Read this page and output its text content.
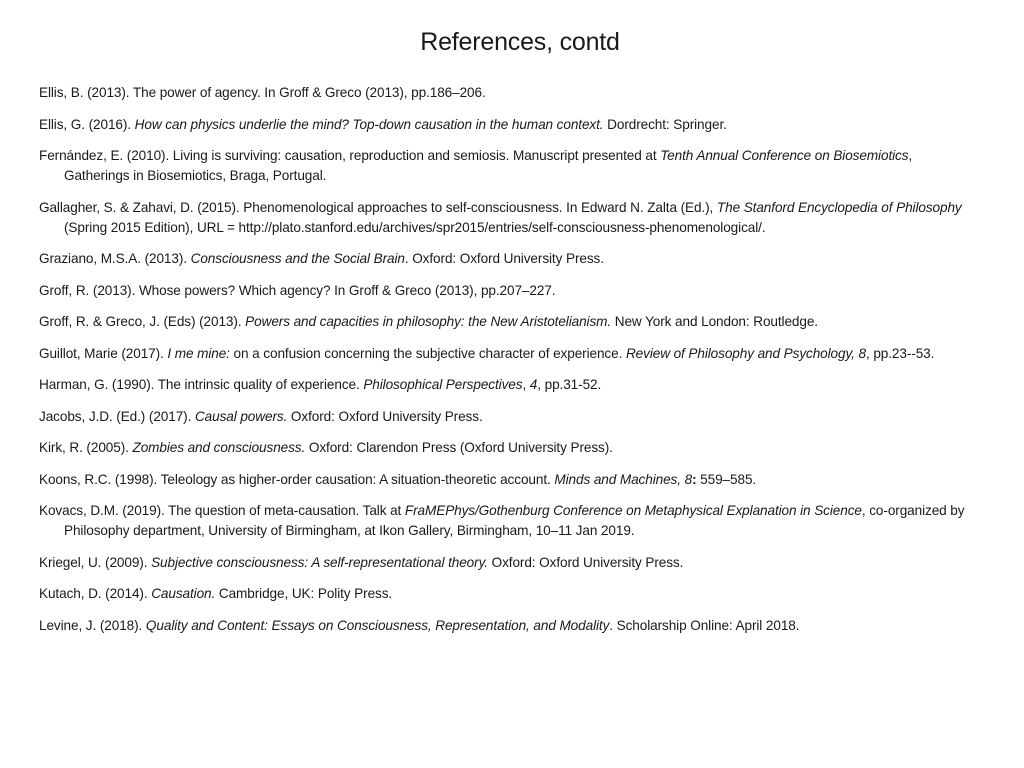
References, contd
Ellis, B. (2013). The power of agency. In Groff & Greco (2013), pp.186–206.
Ellis, G. (2016). How can physics underlie the mind? Top-down causation in the human context. Dordrecht: Springer.
Fernández, E. (2010). Living is surviving: causation, reproduction and semiosis. Manuscript presented at Tenth Annual Conference on Biosemiotics, Gatherings in Biosemiotics, Braga, Portugal.
Gallagher, S. & Zahavi, D. (2015). Phenomenological approaches to self-consciousness. In Edward N. Zalta (Ed.), The Stanford Encyclopedia of Philosophy (Spring 2015 Edition), URL = http://plato.stanford.edu/archives/spr2015/entries/self-consciousness-phenomenological/.
Graziano, M.S.A. (2013). Consciousness and the Social Brain. Oxford: Oxford University Press.
Groff, R. (2013). Whose powers? Which agency? In Groff & Greco (2013), pp.207–227.
Groff, R. & Greco, J. (Eds) (2013). Powers and capacities in philosophy: the New Aristotelianism. New York and London: Routledge.
Guillot, Marie (2017). I me mine: on a confusion concerning the subjective character of experience. Review of Philosophy and Psychology, 8, pp.23--53.
Harman, G. (1990). The intrinsic quality of experience. Philosophical Perspectives, 4, pp.31-52.
Jacobs, J.D. (Ed.) (2017). Causal powers. Oxford: Oxford University Press.
Kirk, R. (2005). Zombies and consciousness. Oxford: Clarendon Press (Oxford University Press).
Koons, R.C. (1998). Teleology as higher-order causation: A situation-theoretic account. Minds and Machines, 8: 559–585.
Kovacs, D.M. (2019). The question of meta-causation. Talk at FraMEPhys/Gothenburg Conference on Metaphysical Explanation in Science, co-organized by Philosophy department, University of Birmingham, at Ikon Gallery, Birmingham, 10–11 Jan 2019.
Kriegel, U. (2009). Subjective consciousness: A self-representational theory. Oxford: Oxford University Press.
Kutach, D. (2014). Causation. Cambridge, UK: Polity Press.
Levine, J. (2018). Quality and Content: Essays on Consciousness, Representation, and Modality. Scholarship Online: April 2018.
